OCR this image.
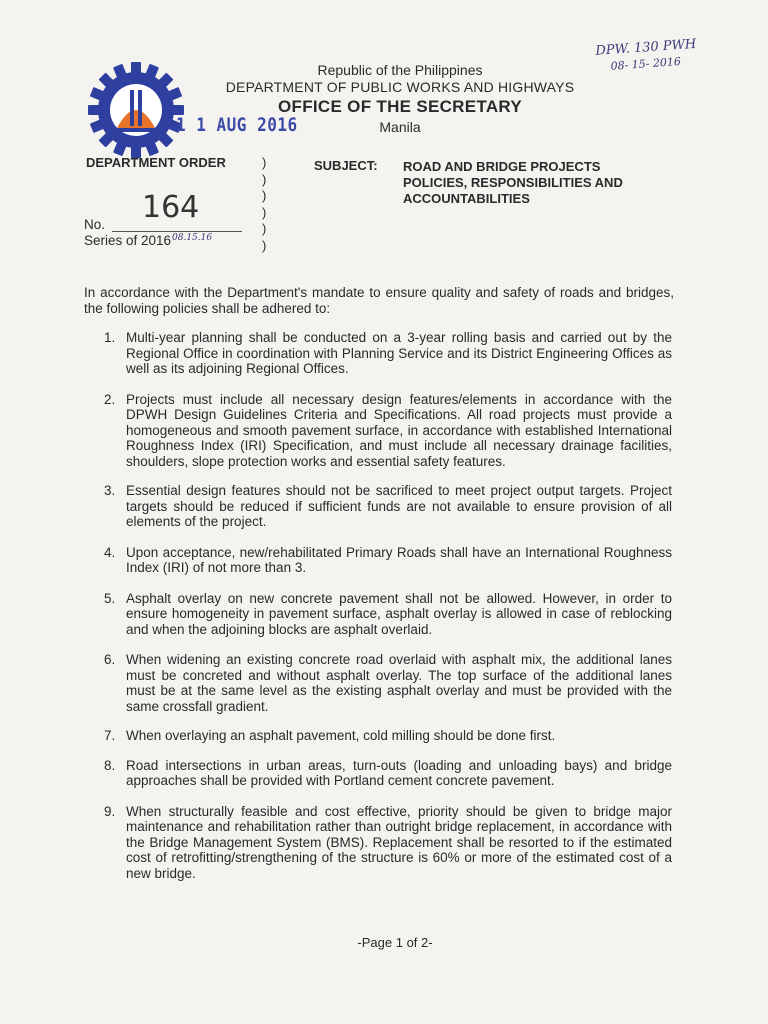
Republic of the Philippines
DEPARTMENT OF PUBLIC WORKS AND HIGHWAYS
OFFICE OF THE SECRETARY
Manila
1 1 AUG 2016
DPW. 130 PWH
08- 15- 2016
DEPARTMENT ORDER	)
)
)
)
)
)
SUBJECT: ROAD AND BRIDGE PROJECTS
POLICIES, RESPONSIBILITIES AND
ACCOUNTABILITIES
164
No.
Series of 2016 08.15.16
In accordance with the Department's mandate to ensure quality and safety of roads and bridges, the following policies shall be adhered to:
1. Multi-year planning shall be conducted on a 3-year rolling basis and carried out by the Regional Office in coordination with Planning Service and its District Engineering Offices as well as its adjoining Regional Offices.
2. Projects must include all necessary design features/elements in accordance with the DPWH Design Guidelines Criteria and Specifications. All road projects must provide a homogeneous and smooth pavement surface, in accordance with established International Roughness Index (IRI) Specification, and must include all necessary drainage facilities, shoulders, slope protection works and essential safety features.
3. Essential design features should not be sacrificed to meet project output targets. Project targets should be reduced if sufficient funds are not available to ensure provision of all elements of the project.
4. Upon acceptance, new/rehabilitated Primary Roads shall have an International Roughness Index (IRI) of not more than 3.
5. Asphalt overlay on new concrete pavement shall not be allowed. However, in order to ensure homogeneity in pavement surface, asphalt overlay is allowed in case of reblocking and when the adjoining blocks are asphalt overlaid.
6. When widening an existing concrete road overlaid with asphalt mix, the additional lanes must be concreted and without asphalt overlay. The top surface of the additional lanes must be at the same level as the existing asphalt overlay and must be provided with the same crossfall gradient.
7. When overlaying an asphalt pavement, cold milling should be done first.
8. Road intersections in urban areas, turn-outs (loading and unloading bays) and bridge approaches shall be provided with Portland cement concrete pavement.
9. When structurally feasible and cost effective, priority should be given to bridge major maintenance and rehabilitation rather than outright bridge replacement, in accordance with the Bridge Management System (BMS). Replacement shall be resorted to if the estimated cost of retrofitting/strengthening of the structure is 60% or more of the estimated cost of a new bridge.
-Page 1 of 2-
